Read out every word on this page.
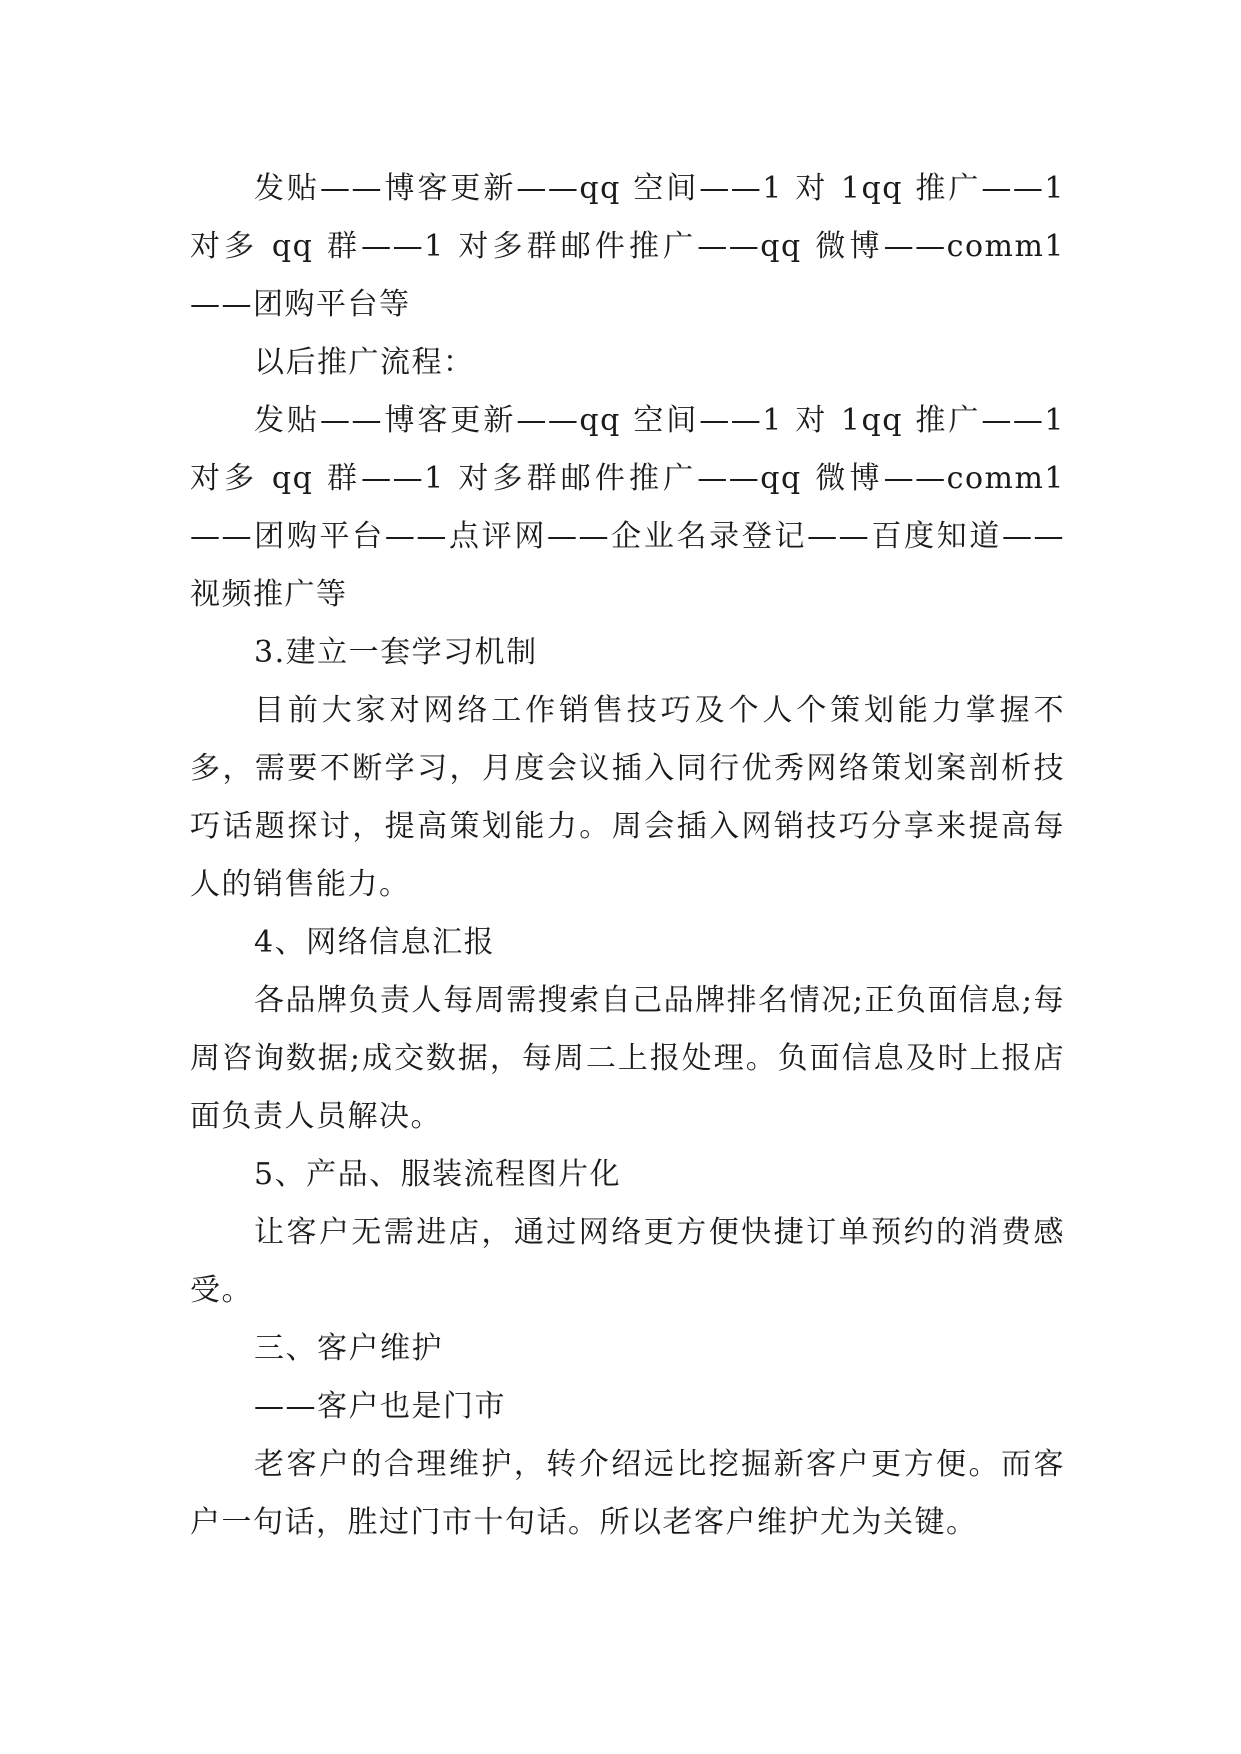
发贴——博客更新——qq 空间——1 对 1qq 推广——1 对多 qq 群——1 对多群邮件推广——qq 微博——comm1——团购平台等

以后推广流程：

发贴——博客更新——qq 空间——1 对 1qq 推广——1 对多 qq 群——1 对多群邮件推广——qq 微博——comm1——团购平台——点评网——企业名录登记——百度知道——视频推广等

3.建立一套学习机制

目前大家对网络工作销售技巧及个人个策划能力掌握不多，需要不断学习，月度会议插入同行优秀网络策划案剖析技巧话题探讨，提高策划能力。周会插入网销技巧分享来提高每人的销售能力。

4、网络信息汇报

各品牌负责人每周需搜索自己品牌排名情况;正负面信息;每周咨询数据;成交数据，每周二上报处理。负面信息及时上报店面负责人员解决。

5、产品、服装流程图片化

让客户无需进店，通过网络更方便快捷订单预约的消费感受。

三、客户维护

——客户也是门市

老客户的合理维护，转介绍远比挖掘新客户更方便。而客户一句话，胜过门市十句话。所以老客户维护尤为关键。
